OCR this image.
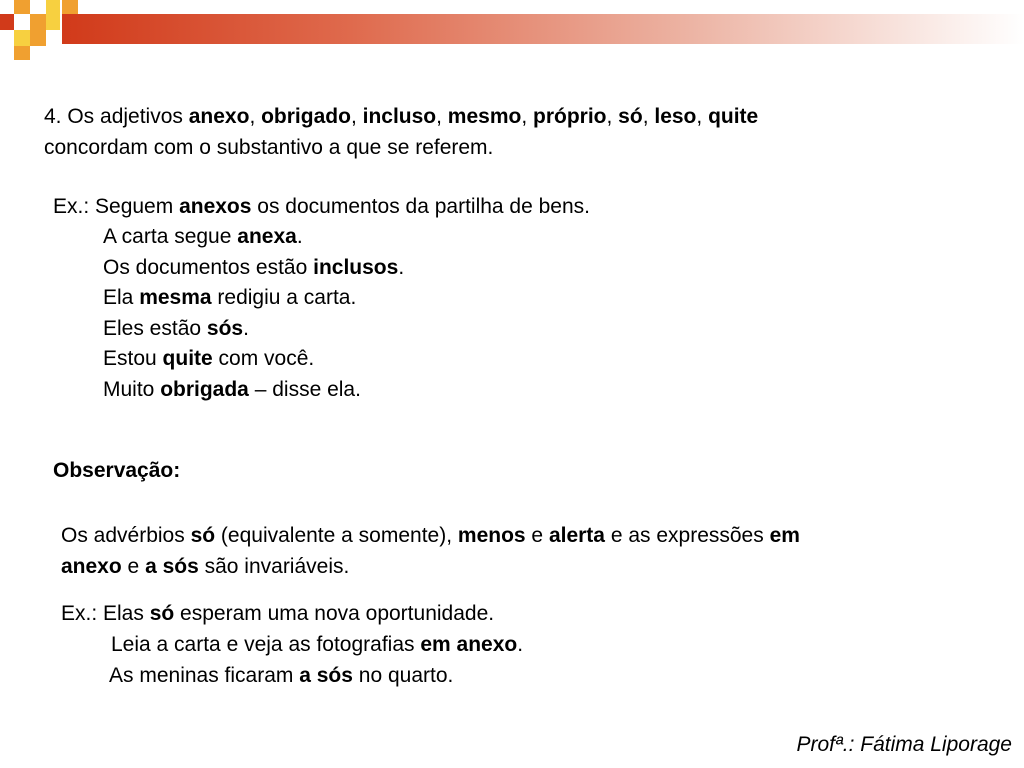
4. Os adjetivos anexo, obrigado, incluso, mesmo, próprio, só, leso, quite
concordam com o substantivo a que se referem.
Ex.: Seguem anexos os documentos da partilha de bens.
A carta segue anexa.
Os documentos estão inclusos.
Ela mesma redigiu a carta.
Eles estão sós.
Estou quite com você.
Muito obrigada – disse ela.
Observação:
Os advérbios só (equivalente a somente), menos e alerta e as expressões em
anexo e a sós são invariáveis.
Ex.: Elas só esperam uma nova oportunidade.
Leia a carta e veja as fotografias em anexo.
As meninas ficaram a sós no quarto.
Profª.: Fátima Liporage
